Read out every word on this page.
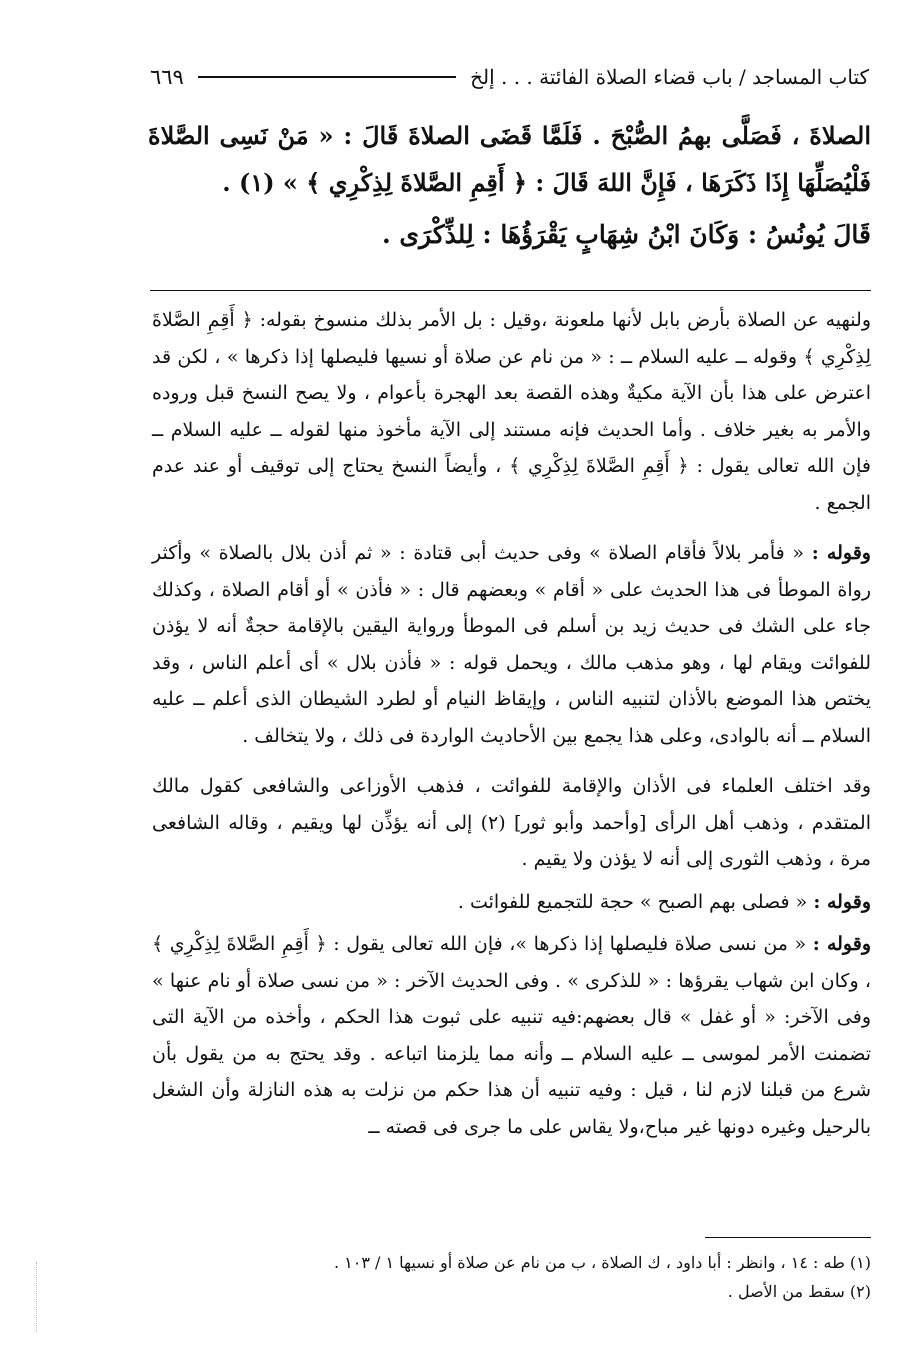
كتاب المساجد / باب قضاء الصلاة الفائتة . . . إلخ
٦٦٩

الصلاةَ ، فَصَلَّى بهمُ الصُّبْحَ . فَلَمَّا قَضَى الصلاةَ قَالَ : « مَنْ نَسِى الصَّلاةَ فَلْيُصَلِّهَا إِذَا ذَكَرَهَا ، فَإِنَّ اللهَ قَالَ : ﴿ أَقِمِ الصَّلاةَ لِذِكْرِي ﴾ » (١) .

قَالَ يُونُسُ : وَكَانَ ابْنُ شِهَابٍ يَقْرَؤُهَا : لِلذِّكْرَى .

ولنهيه عن الصلاة بأرض بابل لأنها ملعونة ،وقيل : بل الأمر بذلك منسوخ بقوله: ﴿ أَقِمِ الصَّلاةَ لِذِكْرِي ﴾ وقوله ــ عليه السلام ــ : « من نام عن صلاة أو نسيها فليصلها إذا ذكرها » ، لكن قد اعترض على هذا بأن الآية مكيةٌ وهذه القصة بعد الهجرة بأعوام ، ولا يصح النسخ قبل وروده والأمر به بغير خلاف . وأما الحديث فإنه مستند إلى الآية مأخوذ منها لقوله ــ عليه السلام ــ فإن الله تعالى يقول : ﴿ أَقِمِ الصَّلاةَ لِذِكْرِي ﴾ ، وأيضاً النسخ يحتاج إلى توقيف أو عند عدم الجمع .

وقوله : « فأمر بلالاً فأقام الصلاة » وفى حديث أبى قتادة : « ثم أذن بلال بالصلاة » وأكثر رواة الموطأ فى هذا الحديث على « أقام » وبعضهم قال : « فأذن » أو أقام الصلاة ، وكذلك جاء على الشك فى حديث زيد بن أسلم فى الموطأ ورواية اليقين بالإقامة حجةٌ أنه لا يؤذن للفوائت ويقام لها ، وهو مذهب مالك ، ويحمل قوله : « فأذن بلال » أى أعلم الناس ، وقد يختص هذا الموضع بالأذان لتنبيه الناس ، وإيقاظ النيام أو لطرد الشيطان الذى أعلم ــ عليه السلام ــ أنه بالوادى، وعلى هذا يجمع بين الأحاديث الواردة فى ذلك ، ولا يتخالف .

وقد اختلف العلماء فى الأذان والإقامة للفوائت ، فذهب الأوزاعى والشافعى كقول مالك المتقدم ، وذهب أهل الرأى [وأحمد وأبو ثور] (٢) إلى أنه يؤذِّن لها ويقيم ، وقاله الشافعى مرة ، وذهب الثورى إلى أنه لا يؤذن ولا يقيم .

وقوله : « فصلى بهم الصبح » حجة للتجميع للفوائت .

وقوله : « من نسى صلاة فليصلها إذا ذكرها »، فإن الله تعالى يقول : ﴿ أَقِمِ الصَّلاةَ لِذِكْرِي ﴾ ، وكان ابن شهاب يقرؤها : « للذكرى » . وفى الحديث الآخر : « من نسى صلاة أو نام عنها » وفى الآخر: « أو غفل » قال بعضهم:فيه تنبيه على ثبوت هذا الحكم ، وأخذه من الآية التى تضمنت الأمر لموسى ــ عليه السلام ــ وأنه مما يلزمنا اتباعه . وقد يحتج به من يقول بأن شرع من قبلنا لازم لنا ، قيل : وفيه تنبيه أن هذا حكم من نزلت به هذه النازلة وأن الشغل بالرحيل وغيره دونها غير مباح،ولا يقاس على ما جرى فى قصته ــ

(١) طه : ١٤ ، وانظر : أبا داود ، ك الصلاة ، ب من نام عن صلاة أو نسيها ١ / ١٠٣ .

(٢) سقط من الأصل .
